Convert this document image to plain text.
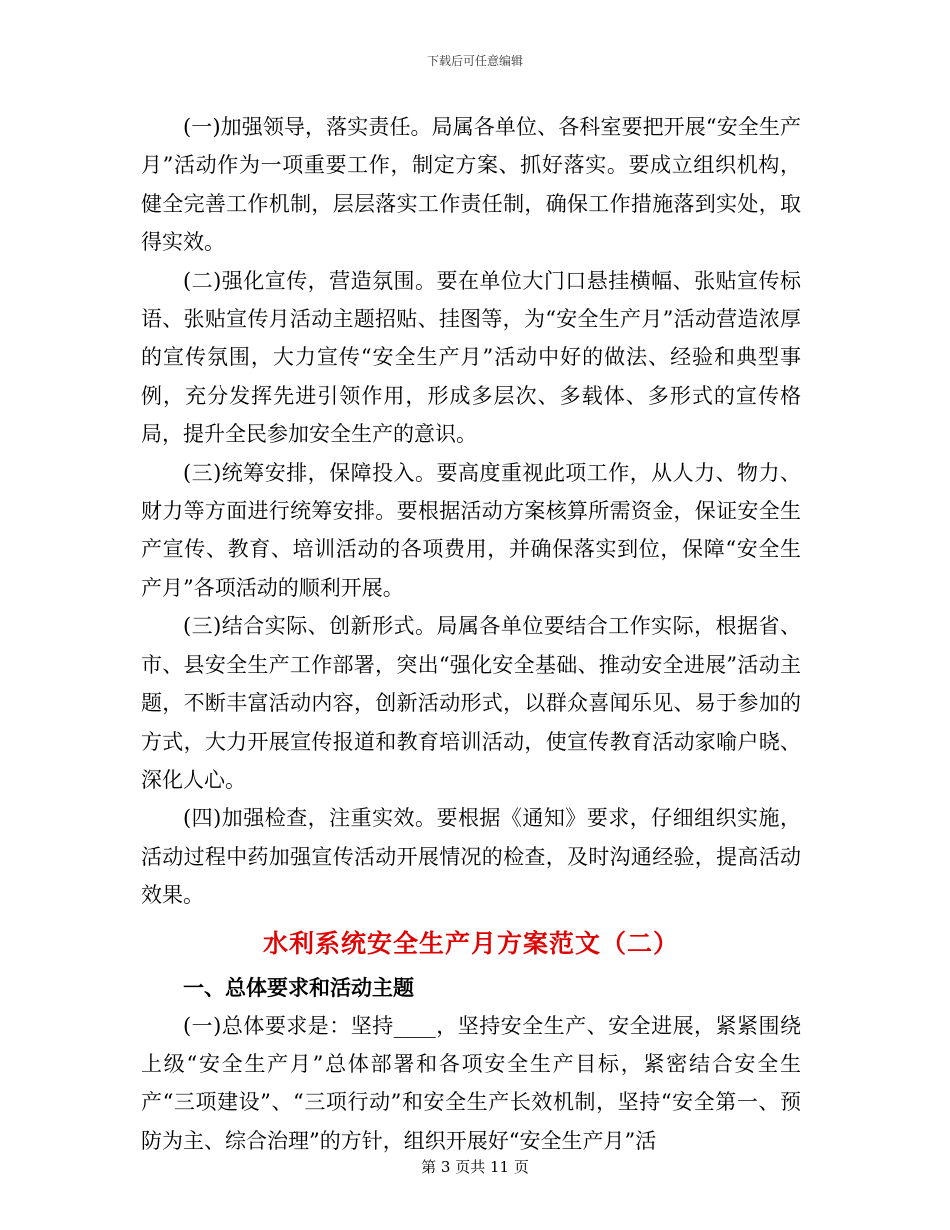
下载后可任意编辑

(一)加强领导，落实责任。局属各单位、各科室要把开展“安全生产月”活动作为一项重要工作，制定方案、抓好落实。要成立组织机构，健全完善工作机制，层层落实工作责任制，确保工作措施落到实处，取得实效。

(二)强化宣传，营造氛围。要在单位大门口悬挂横幅、张贴宣传标语、张贴宣传月活动主题招贴、挂图等，为“安全生产月”活动营造浓厚的宣传氛围，大力宣传“安全生产月”活动中好的做法、经验和典型事例，充分发挥先进引领作用，形成多层次、多载体、多形式的宣传格局，提升全民参加安全生产的意识。

(三)统筹安排，保障投入。要高度重视此项工作，从人力、物力、财力等方面进行统筹安排。要根据活动方案核算所需资金，保证安全生产宣传、教育、培训活动的各项费用，并确保落实到位，保障“安全生产月”各项活动的顺利开展。

(三)结合实际、创新形式。局属各单位要结合工作实际，根据省、市、县安全生产工作部署，突出“强化安全基础、推动安全进展”活动主题，不断丰富活动内容，创新活动形式，以群众喜闻乐见、易于参加的方式，大力开展宣传报道和教育培训活动，使宣传教育活动家喻户晓、深化人心。

(四)加强检查，注重实效。要根据《通知》要求，仔细组织实施，活动过程中药加强宣传活动开展情况的检查，及时沟通经验，提高活动效果。

水利系统安全生产月方案范文（二）
一、总体要求和活动主题

(一)总体要求是：坚持____，坚持安全生产、安全进展，紧紧围绕上级“安全生产月”总体部署和各项安全生产目标，紧密结合安全生产“三项建设”、“三项行动”和安全生产长效机制，坚持“安全第一、预防为主、综合治理”的方针，组织开展好“安全生产月”活

第 3 页共 11 页
